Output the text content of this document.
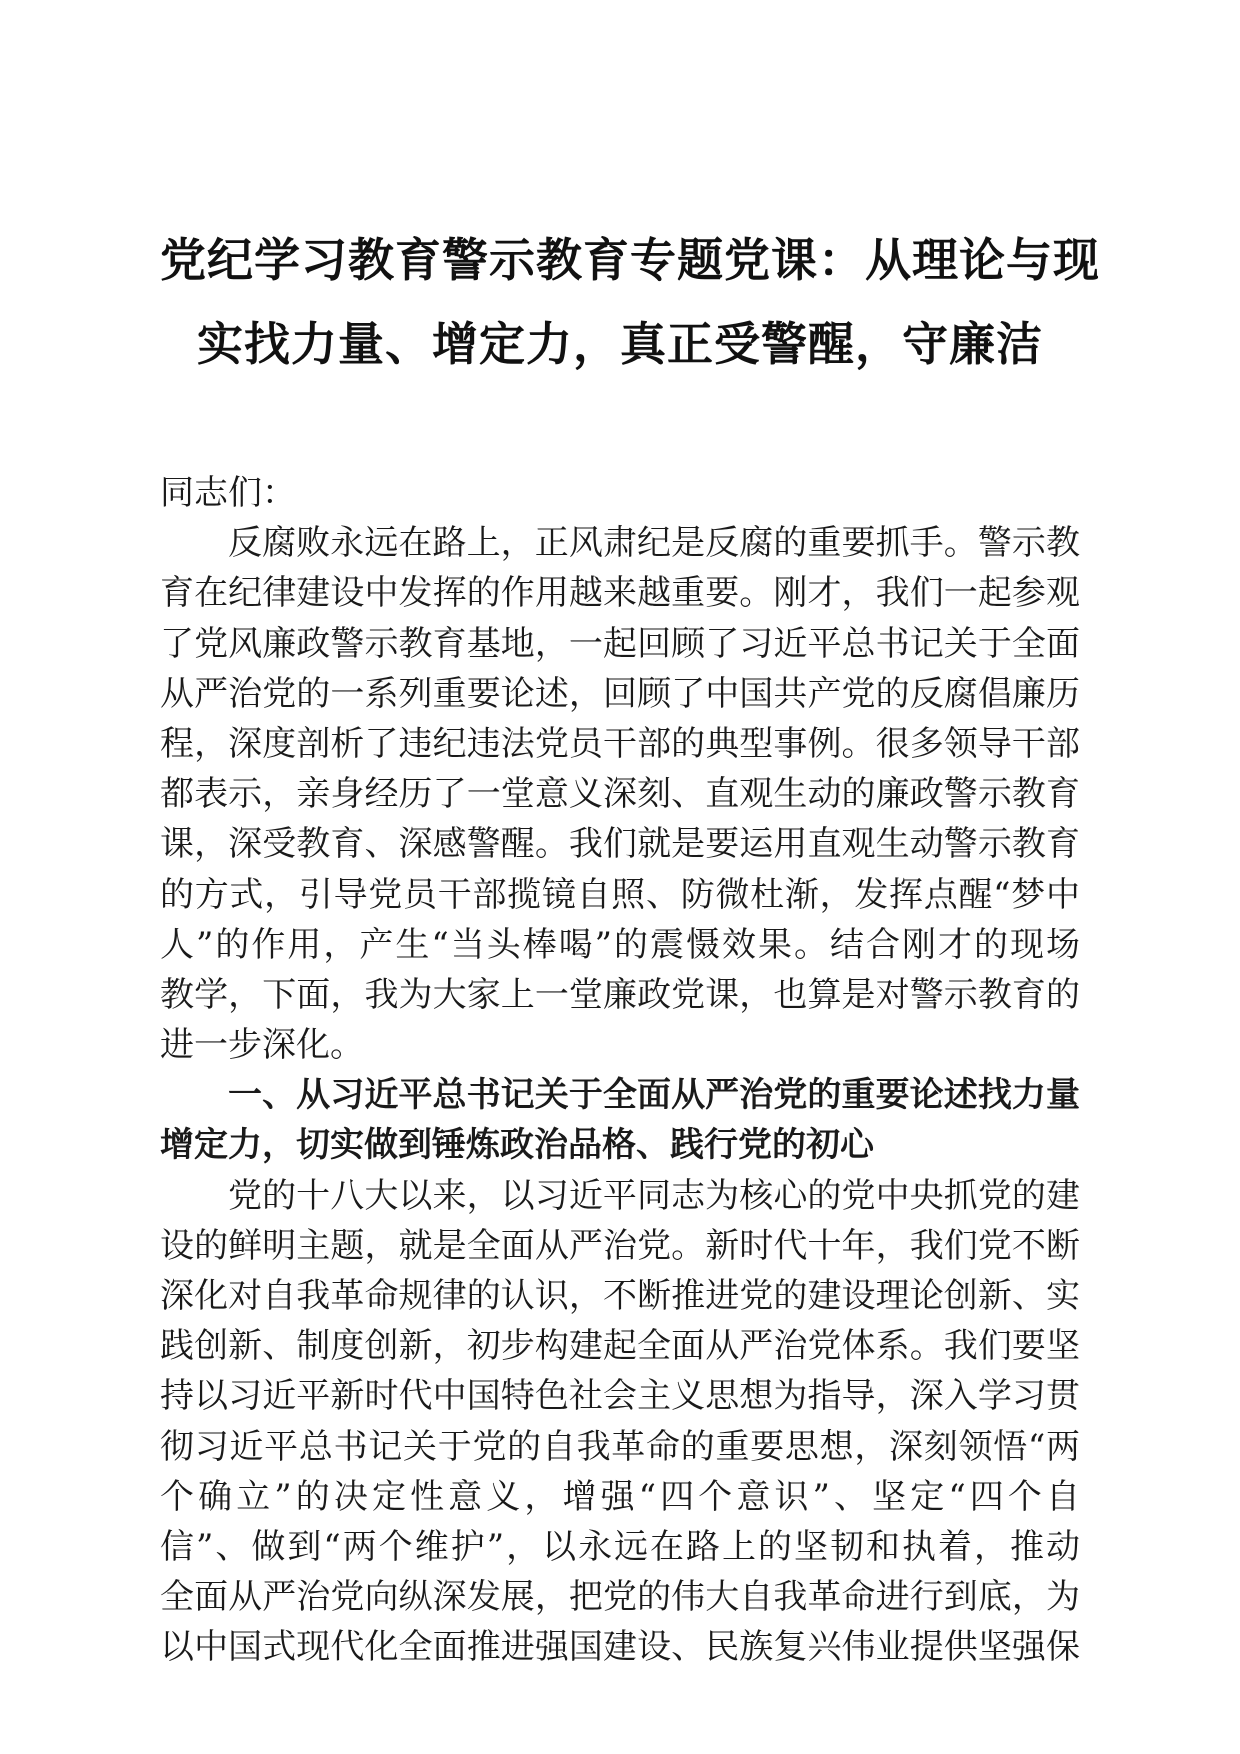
党纪学习教育警示教育专题党课：从理论与现
实找力量、增定力，真正受警醒，守廉洁
同志们：
反腐败永远在路上，正风肃纪是反腐的重要抓手。警示教
育在纪律建设中发挥的作用越来越重要。刚才，我们一起参观
了党风廉政警示教育基地，一起回顾了习近平总书记关于全面
从严治党的一系列重要论述，回顾了中国共产党的反腐倡廉历
程，深度剖析了违纪违法党员干部的典型事例。很多领导干部
都表示，亲身经历了一堂意义深刻、直观生动的廉政警示教育
课，深受教育、深感警醒。我们就是要运用直观生动警示教育
的方式，引导党员干部揽镜自照、防微杜渐，发挥点醒“梦中
人”的作用，产生“当头棒喝”的震慑效果。结合刚才的现场
教学，下面，我为大家上一堂廉政党课，也算是对警示教育的
进一步深化。
一、从习近平总书记关于全面从严治党的重要论述找力量
增定力，切实做到锤炼政治品格、践行党的初心
党的十八大以来，以习近平同志为核心的党中央抓党的建
设的鲜明主题，就是全面从严治党。新时代十年，我们党不断
深化对自我革命规律的认识，不断推进党的建设理论创新、实
践创新、制度创新，初步构建起全面从严治党体系。我们要坚
持以习近平新时代中国特色社会主义思想为指导，深入学习贯
彻习近平总书记关于党的自我革命的重要思想，深刻领悟“两
个确立”的决定性意义，增强“四个意识”、坚定“四个自
信”、做到“两个维护”，以永远在路上的坚韧和执着，推动
全面从严治党向纵深发展，把党的伟大自我革命进行到底，为
以中国式现代化全面推进强国建设、民族复兴伟业提供坚强保
